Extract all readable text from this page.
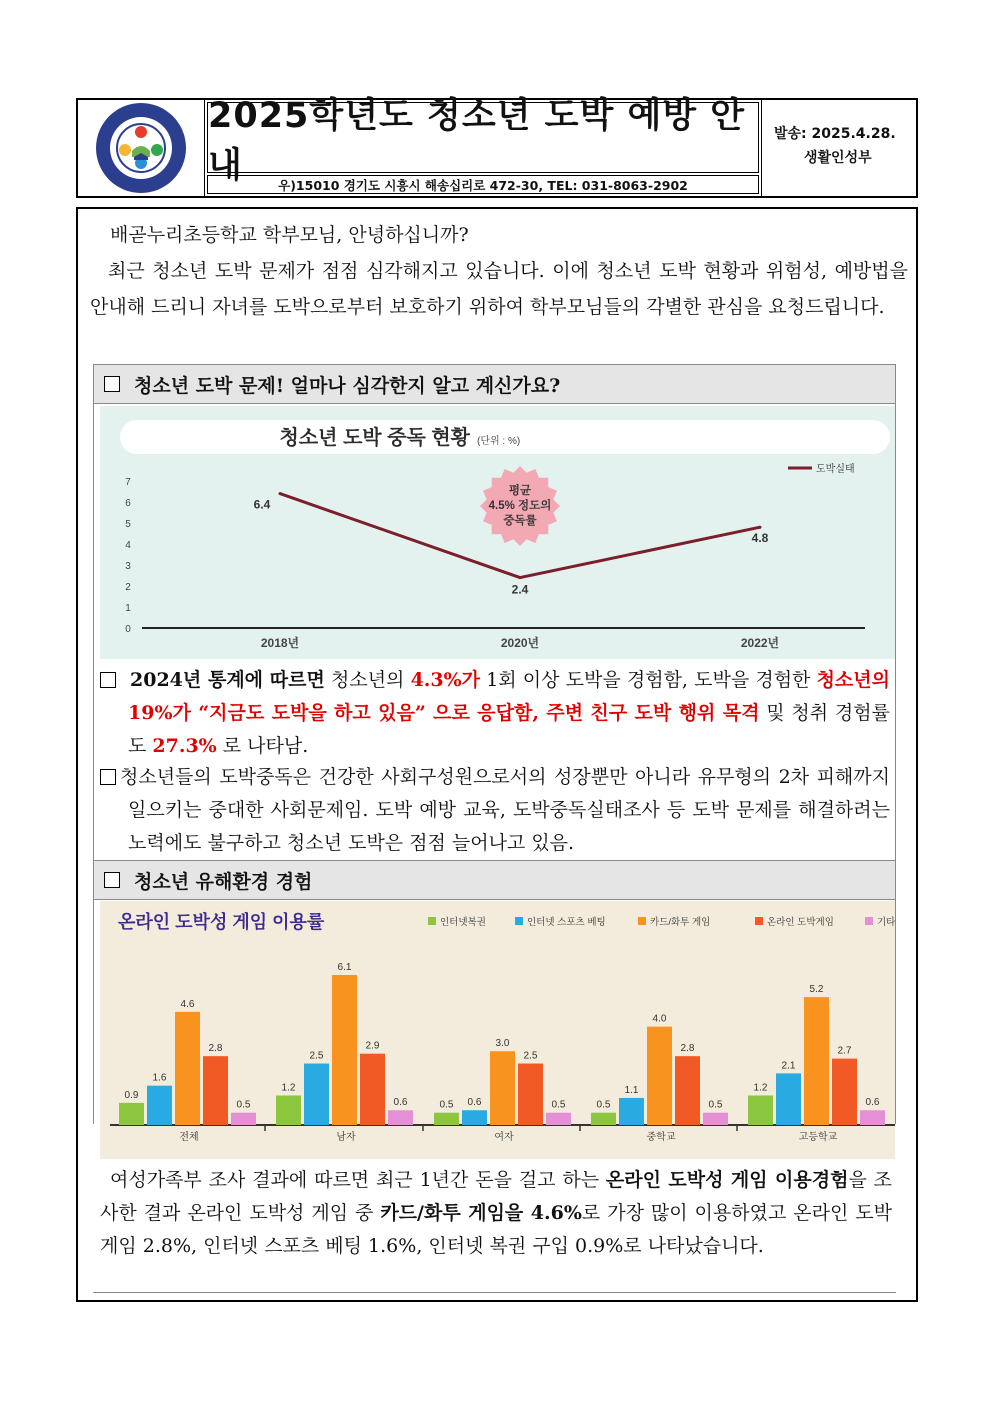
2025학년도 청소년 도박 예방 안내	우)15010 경기도 시흥시 해송십리로 472-30, TEL: 031-8063-2902
발송: 2025.4.28.
생활인성부

배곧누리초등학교 학부모님, 안녕하십니까?

최근 청소년 도박 문제가 점점 심각해지고 있습니다. 이에 청소년 도박 현황과 위험성, 예방법을 안내해 드리니 자녀를 도박으로부터 보호하기 위하여 학부모님들의 각별한 관심을 요청드립니다.

청소년 도박 문제! 얼마나 심각한지 알고 계신가요?
청소년 도박 중독 현황 (단위 : %)
도박실태
0
1
2
3
4
5
6
7
2018년	2020년	2022년
평균
4.5% 정도의
중독률
6.4
2.4
4.8

2024년 통계에 따르면 청소년의 4.3%가 1회 이상 도박을 경험함, 도박을 경험한 청소년의 19%가 “지금도 도박을 하고 있음” 으로 응답함, 주변 친구 도박 행위 목격 및 청취 경험률도 27.3% 로 나타남.

청소년들의 도박중독은 건강한 사회구성원으로서의 성장뿐만 아니라 유무형의 2차 피해까지 일으키는 중대한 사회문제임. 도박 예방 교육, 도박중독실태조사 등 도박 문제를 해결하려는 노력에도 불구하고 청소년 도박은 점점 늘어나고 있음.

청소년 유해환경 경험
온라인 도박성 게임 이용률	인터넷복권	인터넷 스포츠 베팅	카드/화투 게임	온라인 도박게임	기타
0.9
1.6
4.6
2.8
0.5
전체
1.2
2.5
6.1
2.9
0.6
남자
0.5 0.6
3.0
2.5
0.5
여자
0.5
1.1
4.0
2.8
0.5
중학교
1.2
2.1
5.2
2.7
0.6
고등학교

여성가족부 조사 결과에 따르면 최근 1년간 돈을 걸고 하는 온라인 도박성 게임 이용경험을 조사한 결과 온라인 도박성 게임 중 카드/화투 게임을 4.6%로 가장 많이 이용하였고 온라인 도박게임 2.8%, 인터넷 스포츠 베팅 1.6%, 인터넷 복권 구입 0.9%로 나타났습니다.
